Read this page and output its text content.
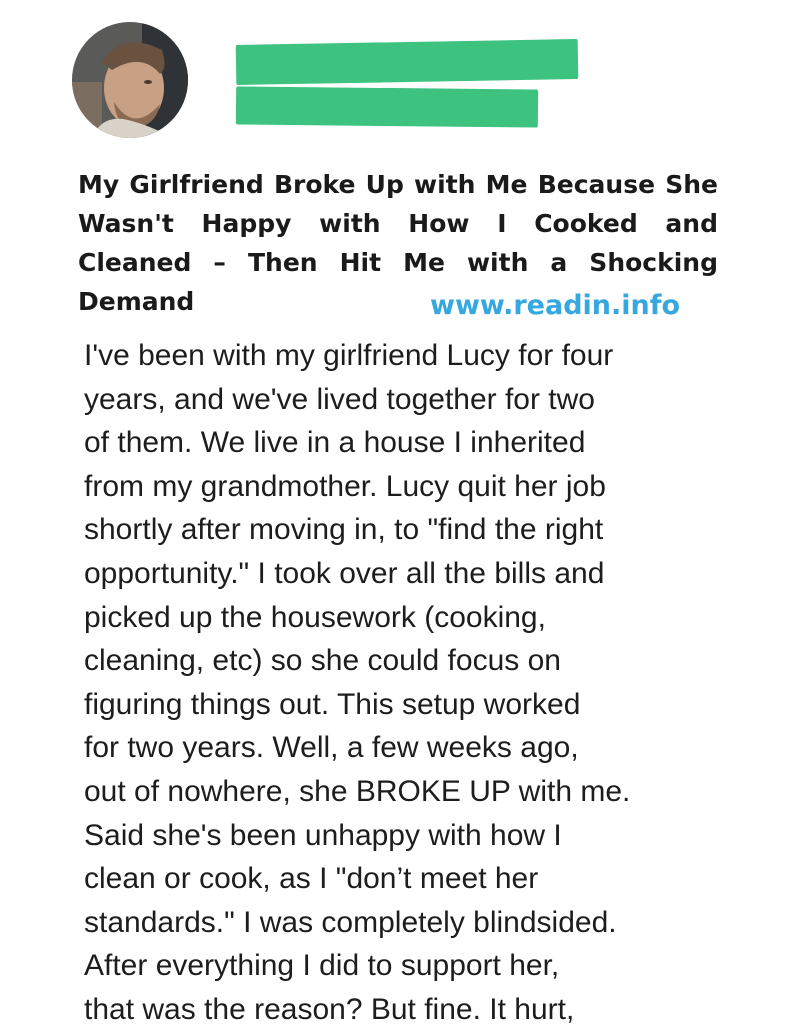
My Girlfriend Broke Up with Me Because She Wasn't Happy with How I Cooked and Cleaned – Then Hit Me with a Shocking Demand	www.readin.info
I've been with my girlfriend Lucy for four
years, and we've lived together for two
of them. We live in a house I inherited
from my grandmother. Lucy quit her job
shortly after moving in, to "find the right
opportunity." I took over all the bills and
picked up the housework (cooking,
cleaning, etc) so she could focus on
figuring things out. This setup worked
for two years. Well, a few weeks ago,
out of nowhere, she BROKE UP with me.
Said she's been unhappy with how I
clean or cook, as I "don’t meet her
standards." I was completely blindsided.
After everything I did to support her,
that was the reason? But fine. It hurt,
